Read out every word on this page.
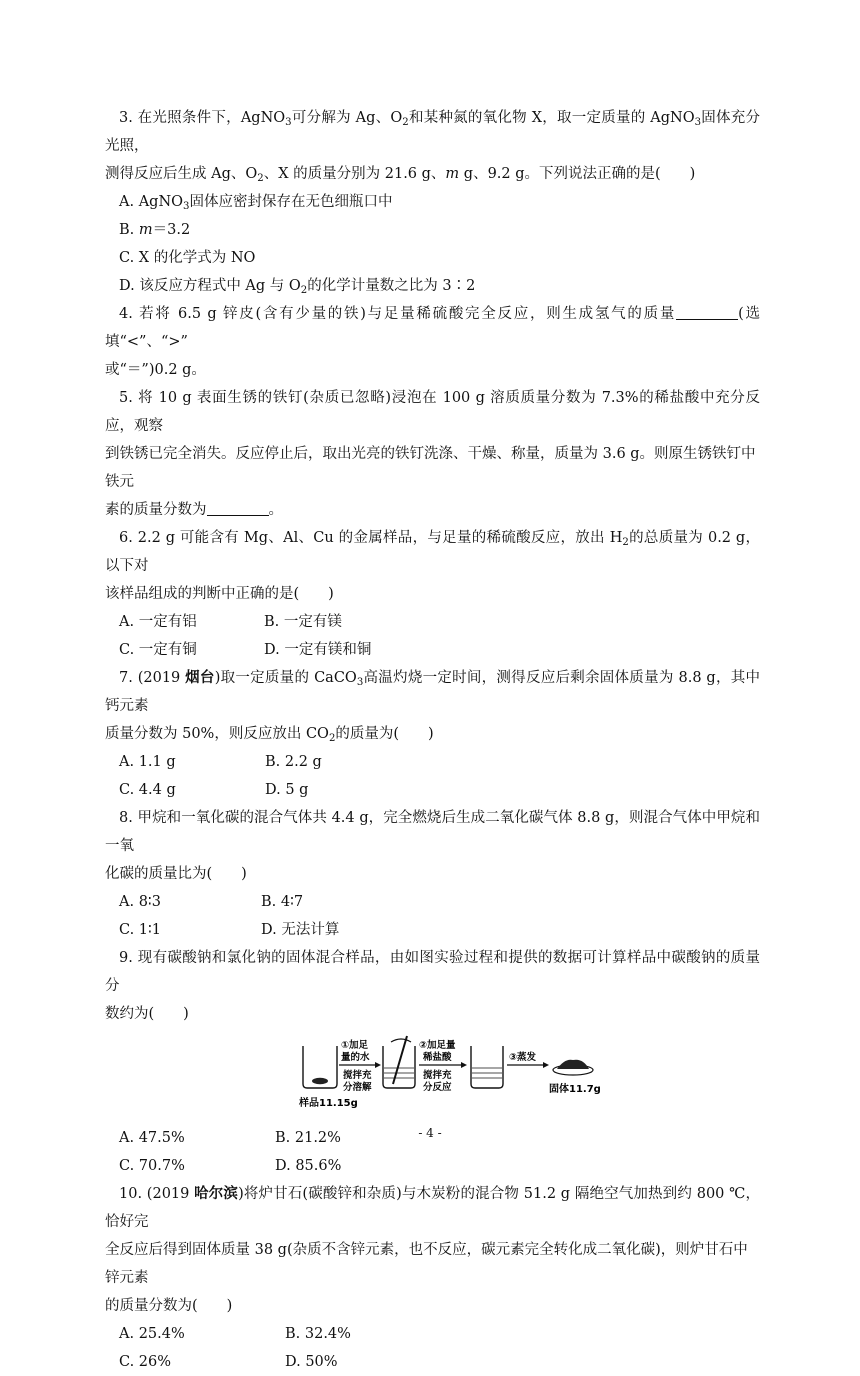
3. 在光照条件下，AgNO$_3$可分解为 Ag、$O_2$和某种氮的氧化物 X，取一定质量的 AgNO$_3$固体充分光照，

测得反应后生成 Ag、$O_2$、X 的质量分别为 21.6 g、m g、9.2 g。下列说法正确的是(　　)

A. AgNO$_3$固体应密封保存在无色细瓶口中

B. m＝3.2

C. X 的化学式为 NO

D. 该反应方程式中 Ag 与 $O_2$的化学计量数之比为 3∶2

4. 若将 6.5 g 锌皮(含有少量的铁)与足量稀硫酸完全反应，则生成氢气的质量	(选填“<”、“>”

或“＝”)0.2 g。

5. 将 10 g 表面生锈的铁钉(杂质已忽略)浸泡在 100 g 溶质质量分数为 7.3%的稀盐酸中充分反应，观察

到铁锈已完全消失。反应停止后，取出光亮的铁钉洗涤、干燥、称量，质量为 3.6 g。则原生锈铁钉中铁元

素的质量分数为	。

6. 2.2 g 可能含有 Mg、Al、Cu 的金属样品，与足量的稀硫酸反应，放出 $H_2$的总质量为 0.2 g，以下对

该样品组成的判断中正确的是(　　)

A. 一定有铝	B. 一定有镁
C. 一定有铜	D. 一定有镁和铜

7. (2019 烟台)取一定质量的 CaCO$_3$高温灼烧一定时间，测得反应后剩余固体质量为 8.8 g，其中钙元素

质量分数为 50%，则反应放出 $CO_2$的质量为(　　)

A. 1.1 g	B. 2.2 g
C. 4.4 g	D. 5 g

8. 甲烷和一氧化碳的混合气体共 4.4 g，完全燃烧后生成二氧化碳气体 8.8 g，则混合气体中甲烷和一氧

化碳的质量比为(　　)

A. 8∶3	B. 4∶7
C. 1∶1	D. 无法计算

9. 现有碳酸钠和氯化钠的固体混合样品，由如图实验过程和提供的数据可计算样品中碳酸钠的质量分

数约为(　　)

样品11.15g
①加足
量的水
搅拌充
分溶解
②加足量
稀盐酸
搅拌充
分反应
③蒸发
固体11.7g
A. 47.5%	B. 21.2%
C. 70.7%	D. 85.6%

10. (2019 哈尔滨)将炉甘石(碳酸锌和杂质)与木炭粉的混合物 51.2 g 隔绝空气加热到约 800 ℃，恰好完

全反应后得到固体质量 38 g(杂质不含锌元素，也不反应，碳元素完全转化成二氧化碳)，则炉甘石中锌元素

的质量分数为(　　)

A. 25.4%	B. 32.4%
C. 26%	D. 50%
- 4 -
